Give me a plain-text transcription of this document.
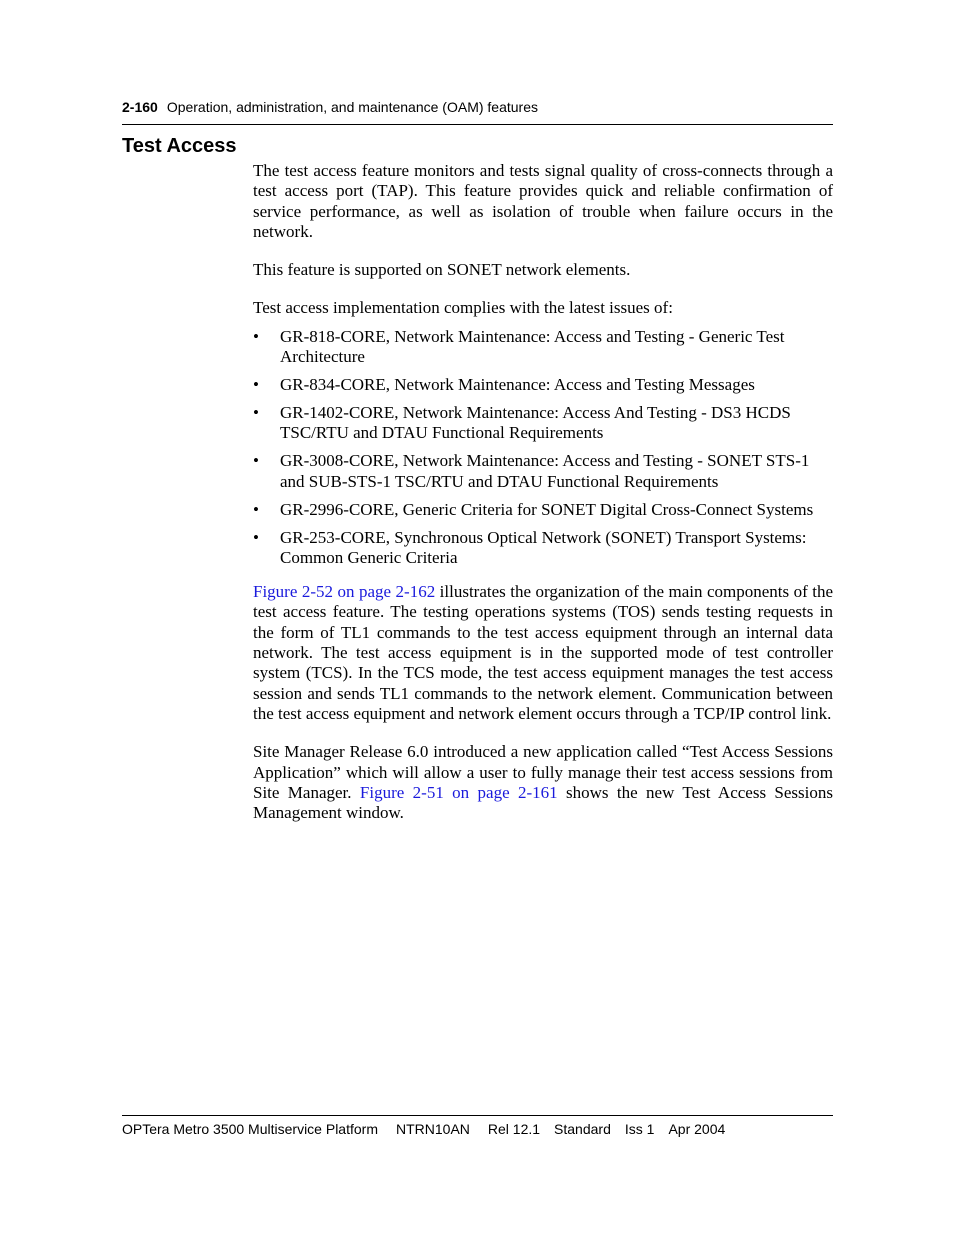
2-160 Operation, administration, and maintenance (OAM) features
Test Access

The test access feature monitors and tests signal quality of cross-connects through a test access port (TAP). This feature provides quick and reliable confirmation of service performance, as well as isolation of trouble when failure occurs in the network.

This feature is supported on SONET network elements.

Test access implementation complies with the latest issues of:

• GR-818-CORE, Network Maintenance: Access and Testing - Generic Test Architecture
• GR-834-CORE, Network Maintenance: Access and Testing Messages
• GR-1402-CORE, Network Maintenance: Access And Testing - DS3 HCDS TSC/RTU and DTAU Functional Requirements
• GR-3008-CORE, Network Maintenance: Access and Testing - SONET STS-1 and SUB-STS-1 TSC/RTU and DTAU Functional Requirements
• GR-2996-CORE, Generic Criteria for SONET Digital Cross-Connect Systems
• GR-253-CORE, Synchronous Optical Network (SONET) Transport Systems: Common Generic Criteria

Figure 2-52 on page 2-162 illustrates the organization of the main components of the test access feature. The testing operations systems (TOS) sends testing requests in the form of TL1 commands to the test access equipment through an internal data network. The test access equipment is in the supported mode of test controller system (TCS). In the TCS mode, the test access equipment manages the test access session and sends TL1 commands to the network element. Communication between the test access equipment and network element occurs through a TCP/IP control link.

Site Manager Release 6.0 introduced a new application called “Test Access Sessions Application” which will allow a user to fully manage their test access sessions from Site Manager. Figure 2-51 on page 2-161 shows the new Test Access Sessions Management window.

OPTera Metro 3500 Multiservice Platform NTRN10AN Rel 12.1 Standard Iss 1 Apr 2004
